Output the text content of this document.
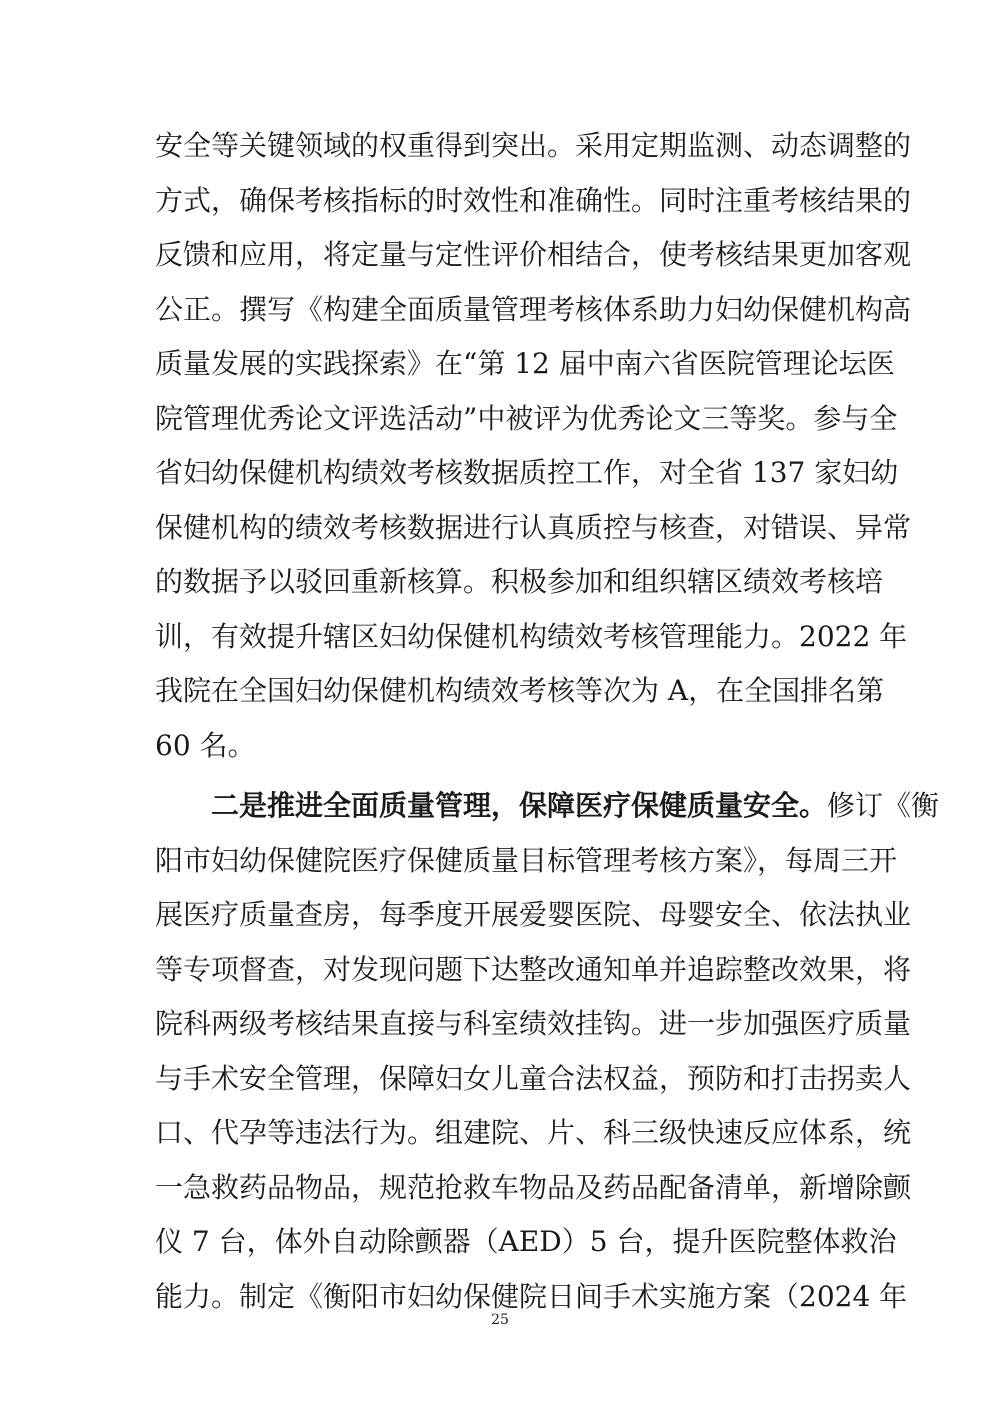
安全等关键领域的权重得到突出。采用定期监测、动态调整的
方式，确保考核指标的时效性和准确性。同时注重考核结果的
反馈和应用，将定量与定性评价相结合，使考核结果更加客观
公正。撰写《构建全面质量管理考核体系助力妇幼保健机构高
质量发展的实践探索》在“第 12 届中南六省医院管理论坛医
院管理优秀论文评选活动”中被评为优秀论文三等奖。参与全
省妇幼保健机构绩效考核数据质控工作，对全省 137 家妇幼
保健机构的绩效考核数据进行认真质控与核查，对错误、异常
的数据予以驳回重新核算。积极参加和组织辖区绩效考核培
训，有效提升辖区妇幼保健机构绩效考核管理能力。2022 年
我院在全国妇幼保健机构绩效考核等次为 A，在全国排名第
60 名。
二是推进全面质量管理，保障医疗保健质量安全。修订《衡
阳市妇幼保健院医疗保健质量目标管理考核方案》，每周三开
展医疗质量查房，每季度开展爱婴医院、母婴安全、依法执业
等专项督查，对发现问题下达整改通知单并追踪整改效果，将
院科两级考核结果直接与科室绩效挂钩。进一步加强医疗质量
与手术安全管理，保障妇女儿童合法权益，预防和打击拐卖人
口、代孕等违法行为。组建院、片、科三级快速反应体系，统
一急救药品物品，规范抢救车物品及药品配备清单，新增除颤
仪 7 台，体外自动除颤器（AED）5 台，提升医院整体救治
能力。制定《衡阳市妇幼保健院日间手术实施方案（2024 年
25
